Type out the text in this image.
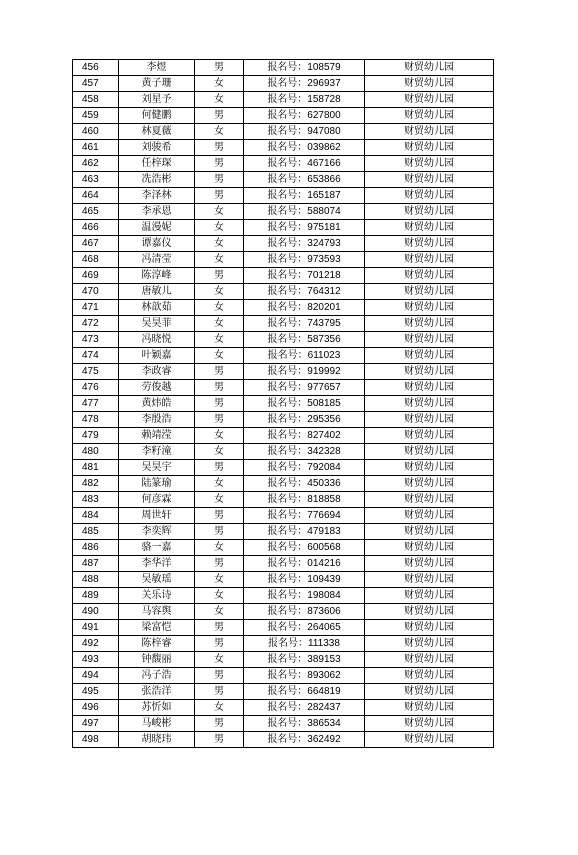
456	李煜	男	报名号：108579	财贸幼儿园
457	黄子珊	女	报名号：296937	财贸幼儿园
458	刘星予	女	报名号：158728	财贸幼儿园
459	何健鹏	男	报名号：627800	财贸幼儿园
460	林夏薇	女	报名号：947080	财贸幼儿园
461	刘骏希	男	报名号：039862	财贸幼儿园
462	任梓琛	男	报名号：467166	财贸幼儿园
463	冼浩彬	男	报名号：653866	财贸幼儿园
464	李泽林	男	报名号：165187	财贸幼儿园
465	李承恩	女	报名号：588074	财贸幼儿园
466	温漫妮	女	报名号：975181	财贸幼儿园
467	谭嘉仪	女	报名号：324793	财贸幼儿园
468	冯清莹	女	报名号：973593	财贸幼儿园
469	陈淳峰	男	报名号：701218	财贸幼儿园
470	唐敏儿	女	报名号：764312	财贸幼儿园
471	林歆茹	女	报名号：820201	财贸幼儿园
472	吴昊菲	女	报名号：743795	财贸幼儿园
473	冯晓悦	女	报名号：587356	财贸幼儿园
474	叶颖嘉	女	报名号：611023	财贸幼儿园
475	李政睿	男	报名号：919992	财贸幼儿园
476	劳俊越	男	报名号：977657	财贸幼儿园
477	黄炜皓	男	报名号：508185	财贸幼儿园
478	李殷浩	男	报名号：295356	财贸幼儿园
479	赖靖滢	女	报名号：827402	财贸幼儿园
480	李籽潼	女	报名号：342328	财贸幼儿园
481	吴昊宇	男	报名号：792084	财贸幼儿园
482	陆篆瑜	女	报名号：450336	财贸幼儿园
483	何彦霖	女	报名号：818858	财贸幼儿园
484	周世轩	男	报名号：776694	财贸幼儿园
485	李奕辉	男	报名号：479183	财贸幼儿园
486	骆一嘉	女	报名号：600568	财贸幼儿园
487	李华洋	男	报名号：014216	财贸幼儿园
488	吴敏瑶	女	报名号：109439	财贸幼儿园
489	关乐诗	女	报名号：198084	财贸幼儿园
490	马容舆	女	报名号：873606	财贸幼儿园
491	梁富恺	男	报名号：264065	财贸幼儿园
492	陈梓睿	男	报名号：111338	财贸幼儿园
493	钟馥丽	女	报名号：389153	财贸幼儿园
494	冯子浩	男	报名号：893062	财贸幼儿园
495	张浩洋	男	报名号：664819	财贸幼儿园
496	苏忻如	女	报名号：282437	财贸幼儿园
497	马峻彬	男	报名号：386534	财贸幼儿园
498	胡晓玮	男	报名号：362492	财贸幼儿园
